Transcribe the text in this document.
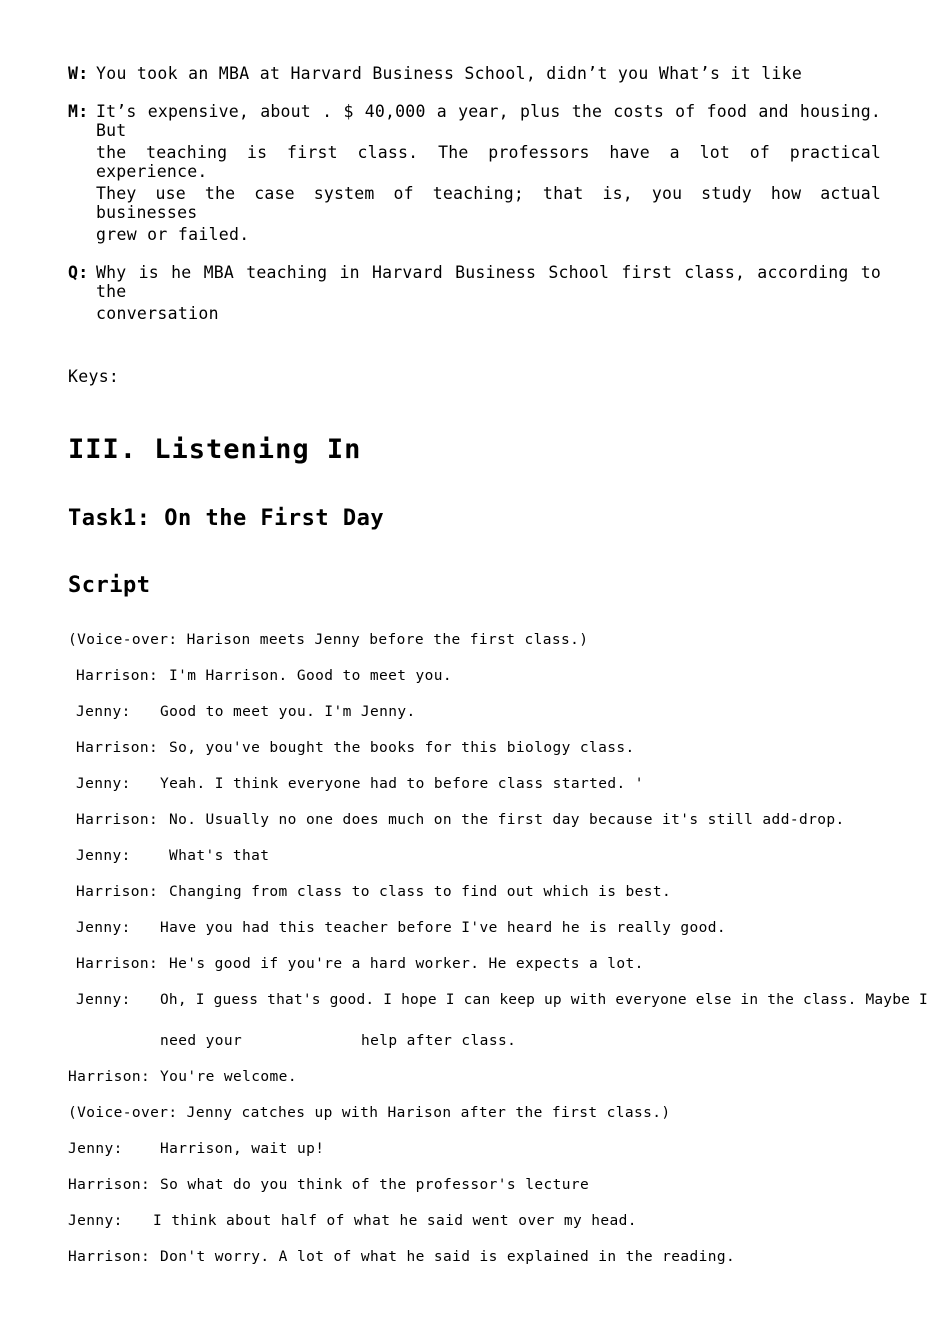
W: You took an MBA at Harvard Business School, didn’t you What’s it like
M: It’s expensive, about . $ 40,000 a year, plus the costs of food and housing. But
the teaching is first class. The professors have a lot of practical experience.
They use the case system of teaching; that is, you study how actual businesses
grew or failed.
Q: Why is he MBA teaching in Harvard Business School first class, according to the
conversation
Keys:
III. Listening In
Task1: On the First Day
Script
(Voice-over: Harison meets Jenny before the first class.)
Harrison: I'm Harrison. Good to meet you.
Jenny: Good to meet you. I'm Jenny.
Harrison: So, you've bought the books for this biology class.
Jenny: Yeah. I think everyone had to before class started. '
Harrison: No. Usually no one does much on the first day because it's still add-drop.
Jenny:	What's that
Harrison: Changing from class to class to find out which is best.
Jenny: Have you had this teacher before I've heard he is really good.
Harrison: He's good if you're a hard worker. He expects a lot.
Jenny: Oh, I guess that's good. I hope I can keep up with everyone else in the class. Maybe I
need your	help after class.
Harrison: You're welcome.
(Voice-over: Jenny catches up with Harison after the first class.)
Jenny:	Harrison, wait up!
Harrison: So what do you think of the professor's lecture
Jenny: I think about half of what he said went over my head.
Harrison: Don't worry. A lot of what he said is explained in the reading.
